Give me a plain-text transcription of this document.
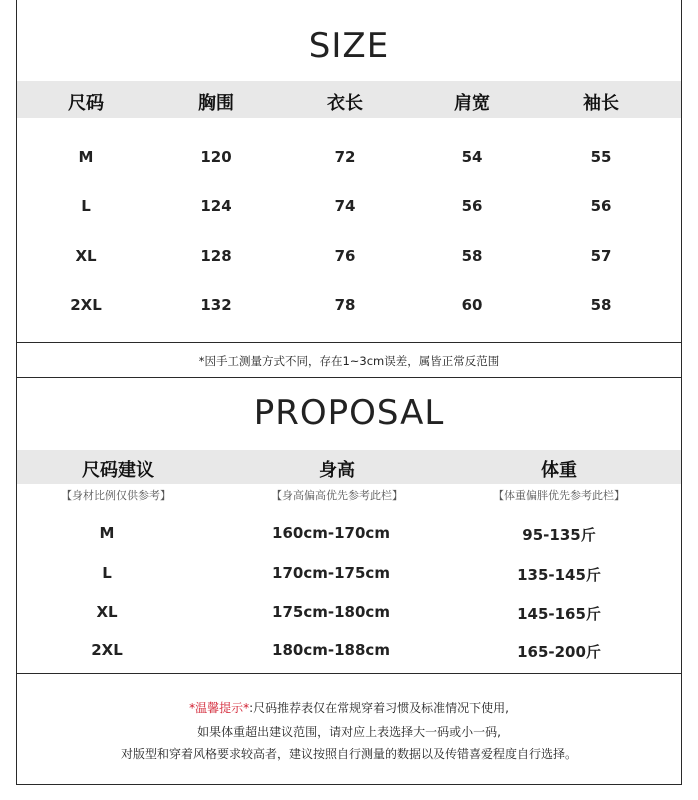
SIZE
尺码	胸围	衣长	肩宽	袖长
M	120	72	54	55
L	124	74	56	56
XL	128	76	58	57
2XL	132	78	60	58
*因手工测量方式不同，存在1~3cm误差，属皆正常反范围
PROPOSAL
尺码建议	身高	体重
【身材比例仅供参考】	【身高偏高优先参考此栏】	【体重偏胖优先参考此栏】
M	160cm-170cm	95-135斤
L	170cm-175cm	135-145斤
XL	175cm-180cm	145-165斤
2XL	180cm-188cm	165-200斤
*温馨提示*:尺码推荐表仅在常规穿着习惯及标准情况下使用,
如果体重超出建议范围，请对应上表选择大一码或小一码,
对版型和穿着风格要求较高者，建议按照自行测量的数据以及传错喜爱程度自行选择。
